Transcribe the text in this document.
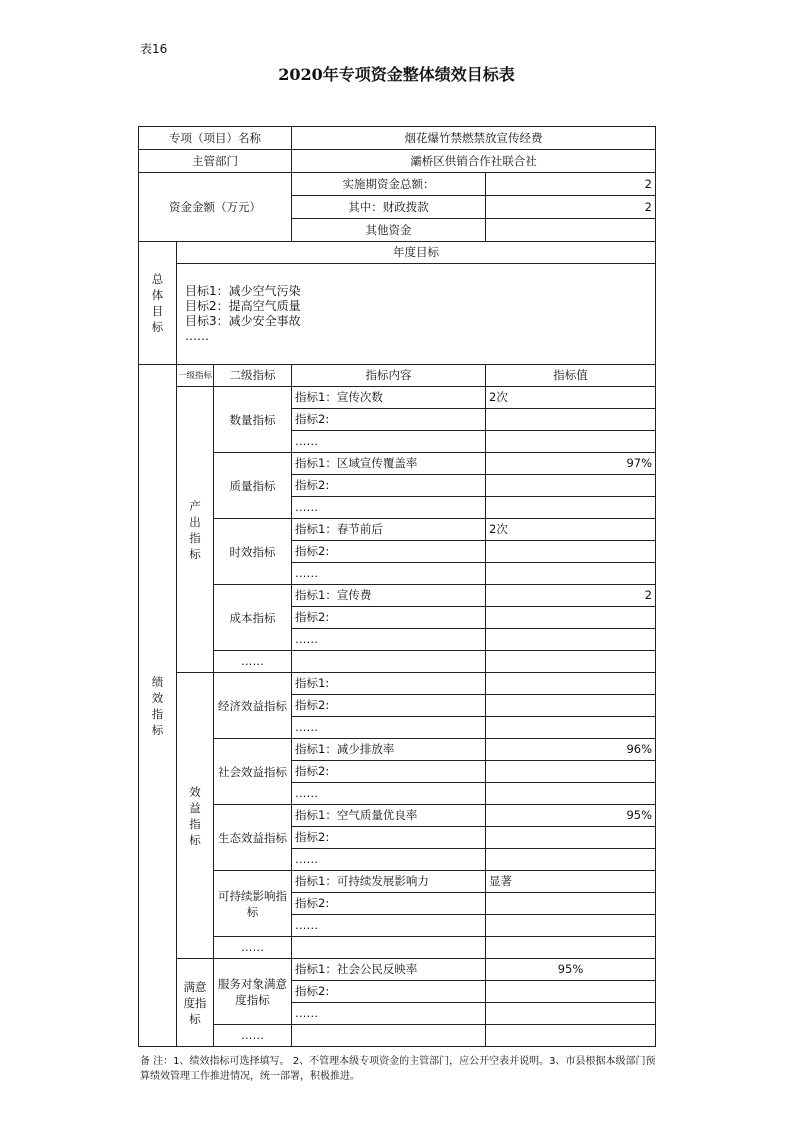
表16
2020年专项资金整体绩效目标表
专项（项目）名称			烟花爆竹禁燃禁放宣传经费	
主管部门			灞桥区供销合作社联合社	
资金金额（万元）			实施期资金总额：	2
			其中：财政拨款	2
			其他资金	
总体目标	年度目标			

	目标1：减少空气污染
目标2：提高空气质量
目标3：减少安全事故
……			

绩效指标	一级指标	二级指标	指标内容	指标值
	产出指标	数量指标	指标1：宣传次数	2次
			指标2:	
			……	
		质量指标	指标1：区域宣传覆盖率	97%
			指标2:	
			……	
		时效指标	指标1：春节前后	2次
			指标2:	
			……	
		成本指标	指标1：宣传费	2
			指标2:	
			……	
		……		
	效益指标	经济效益指标	指标1:	
			指标2:	
			……	
		社会效益指标	指标1：减少排放率	96%
			指标2:	
			……	
		生态效益指标	指标1：空气质量优良率	95%
			指标2:	
			……	
		可持续影响指标	指标1：可持续发展影响力	显著
			指标2:	
			……	
		……		
	满意度指标	服务对象满意度指标	指标1：社会公民反映率	95%
			指标2:	
			……	
		……		
备 注：1、绩效指标可选择填写。 2、不管理本级专项资金的主管部门，应公开空表并说明。3、市县根据本级部门预算绩效管理工作推进情况，统一部署，积极推进。
